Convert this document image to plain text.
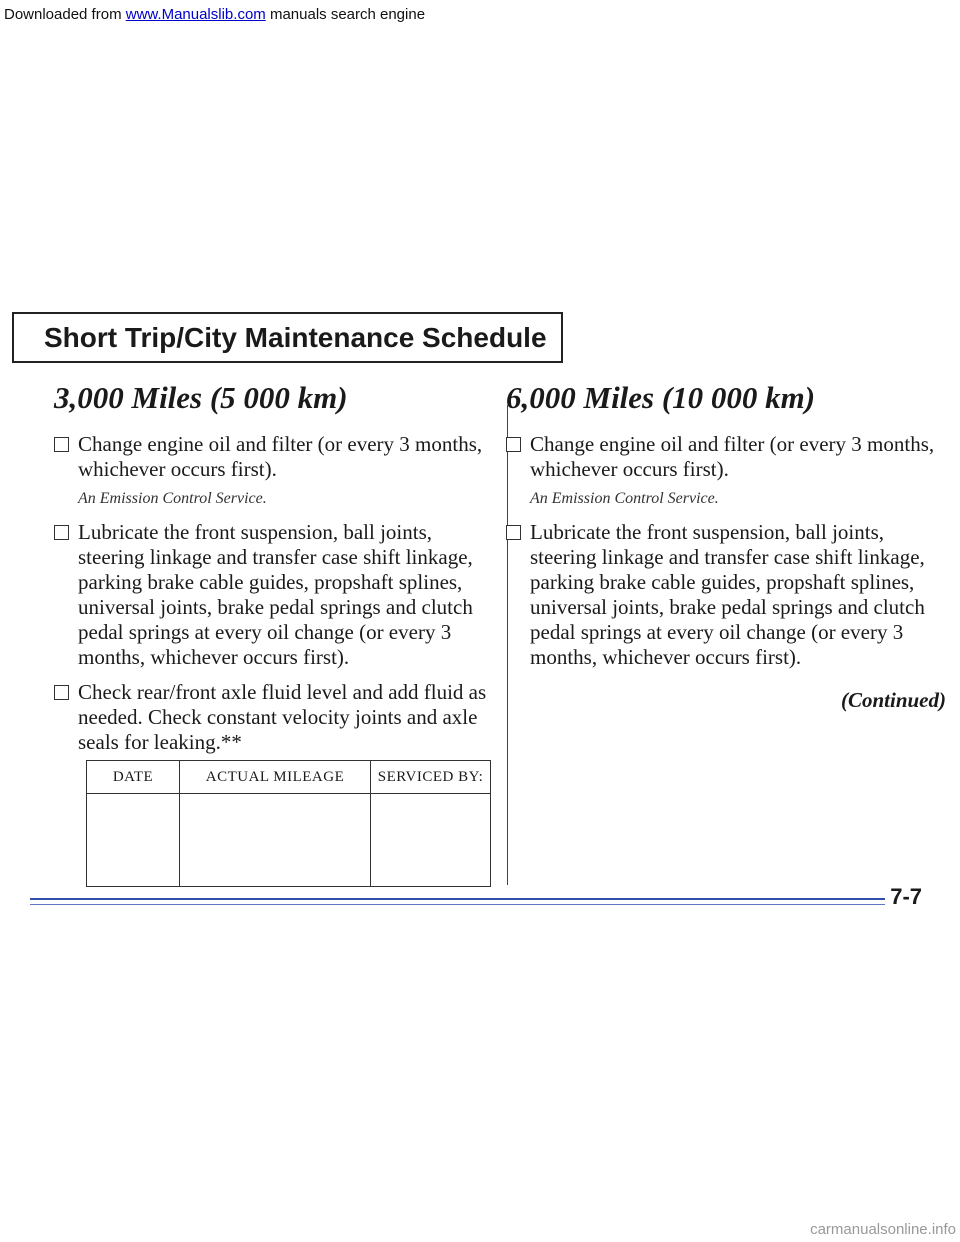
Downloaded from www.Manualslib.com manuals search engine
Short Trip/City Maintenance Schedule
3,000 Miles (5 000 km)
Change engine oil and filter (or every 3 months, whichever occurs first).
An Emission Control Service.
Lubricate the front suspension, ball joints, steering linkage and transfer case shift linkage, parking brake cable guides, propshaft splines, universal joints, brake pedal springs and clutch pedal springs at every oil change (or every 3 months, whichever occurs first).
Check rear/front axle fluid level and add fluid as needed. Check constant velocity joints and axle seals for leaking.**
6,000 Miles (10 000 km)
Change engine oil and filter (or every 3 months, whichever occurs first).
An Emission Control Service.
Lubricate the front suspension, ball joints, steering linkage and transfer case shift linkage, parking brake cable guides, propshaft splines, universal joints, brake pedal springs and clutch pedal springs at every oil change (or every 3 months, whichever occurs first).
(Continued)
DATE	ACTUAL MILEAGE	SERVICED BY:

7-7
carmanualsonline.info
